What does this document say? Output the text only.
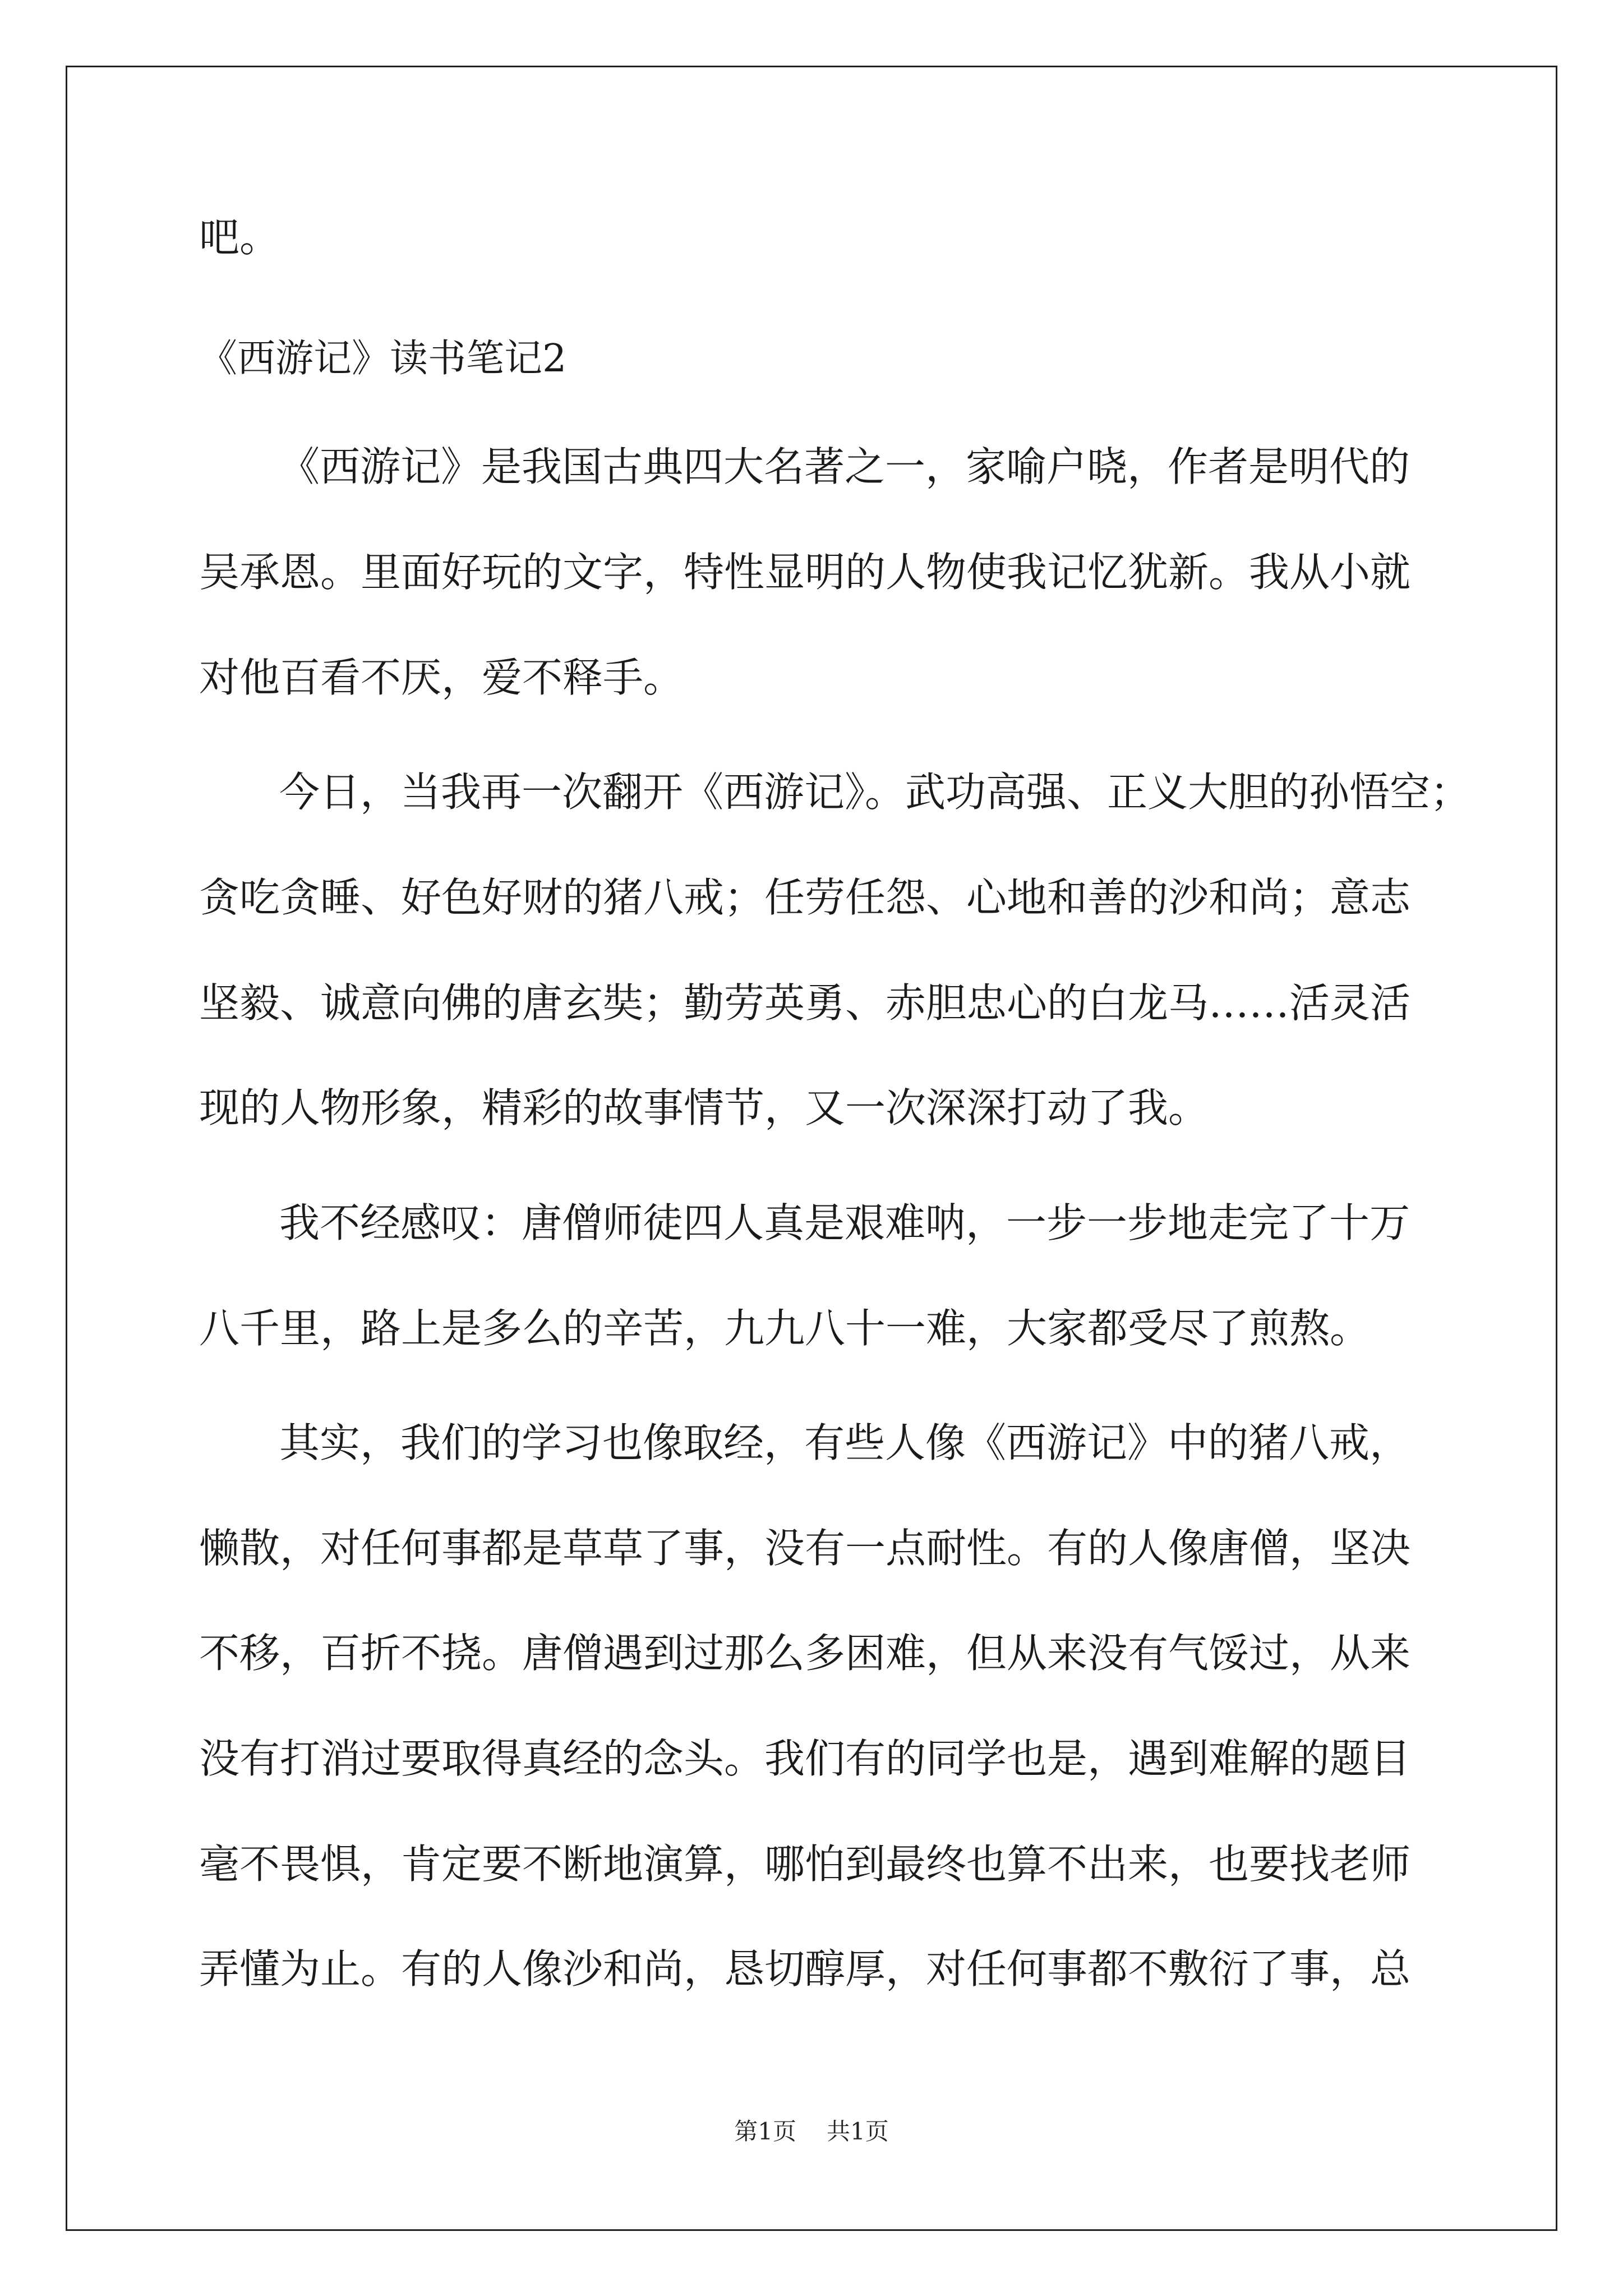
吧。
《西游记》读书笔记2
《西游记》是我国古典四大名著之一，家喻户晓，作者是明代的
吴承恩。里面好玩的文字，特性显明的人物使我记忆犹新。我从小就
对他百看不厌，爱不释手。
今日，当我再一次翻开《西游记》。武功高强、正义大胆的孙悟空；
贪吃贪睡、好色好财的猪八戒；任劳任怨、心地和善的沙和尚；意志
坚毅、诚意向佛的唐玄奘；勤劳英勇、赤胆忠心的白龙马……活灵活
现的人物形象，精彩的故事情节，又一次深深打动了我。
我不经感叹：唐僧师徒四人真是艰难呐，一步一步地走完了十万
八千里，路上是多么的辛苦，九九八十一难，大家都受尽了煎熬。
其实，我们的学习也像取经，有些人像《西游记》中的猪八戒，
懒散，对任何事都是草草了事，没有一点耐性。有的人像唐僧，坚决
不移，百折不挠。唐僧遇到过那么多困难，但从来没有气馁过，从来
没有打消过要取得真经的念头。我们有的同学也是，遇到难解的题目
毫不畏惧，肯定要不断地演算，哪怕到最终也算不出来，也要找老师
弄懂为止。有的人像沙和尚，恳切醇厚，对任何事都不敷衍了事，总
第1页 共1页
